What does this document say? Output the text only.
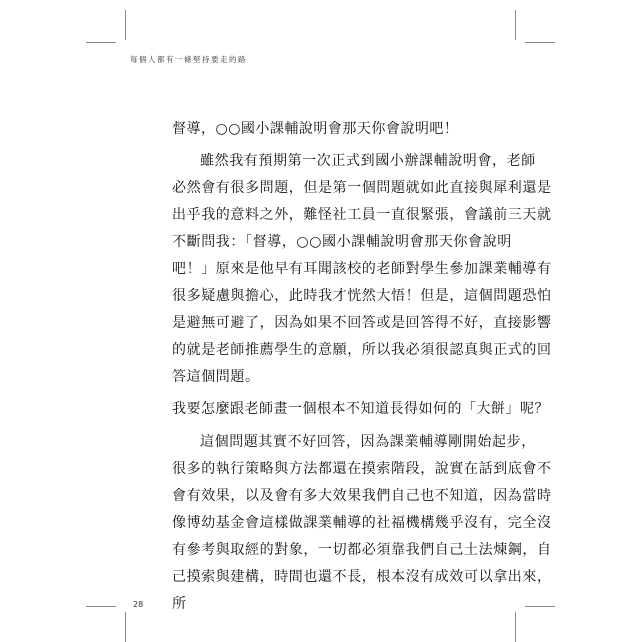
每個人都有一條堅持要走的路
督導，○○國小課輔說明會那天你會說明吧！
雖然我有預期第一次正式到國小辦課輔說明會，老師
必然會有很多問題，但是第一個問題就如此直接與犀利還是
出乎我的意料之外，難怪社工員一直很緊張，會議前三天就
不斷問我：「督導，○○國小課輔說明會那天你會說明
吧！」原來是他早有耳聞該校的老師對學生參加課業輔導有
很多疑慮與擔心，此時我才恍然大悟！但是，這個問題恐怕
是避無可避了，因為如果不回答或是回答得不好，直接影響
的就是老師推薦學生的意願，所以我必須很認真與正式的回
答這個問題。
我要怎麼跟老師畫一個根本不知道長得如何的「大餅」呢？
這個問題其實不好回答，因為課業輔導剛開始起步，
很多的執行策略與方法都還在摸索階段，說實在話到底會不
會有效果，以及會有多大效果我們自己也不知道，因為當時
像博幼基金會這樣做課業輔導的社福機構幾乎沒有，完全沒
有參考與取經的對象，一切都必須靠我們自己土法煉鋼，自
己摸索與建構，時間也還不長，根本沒有成效可以拿出來，
所
28
